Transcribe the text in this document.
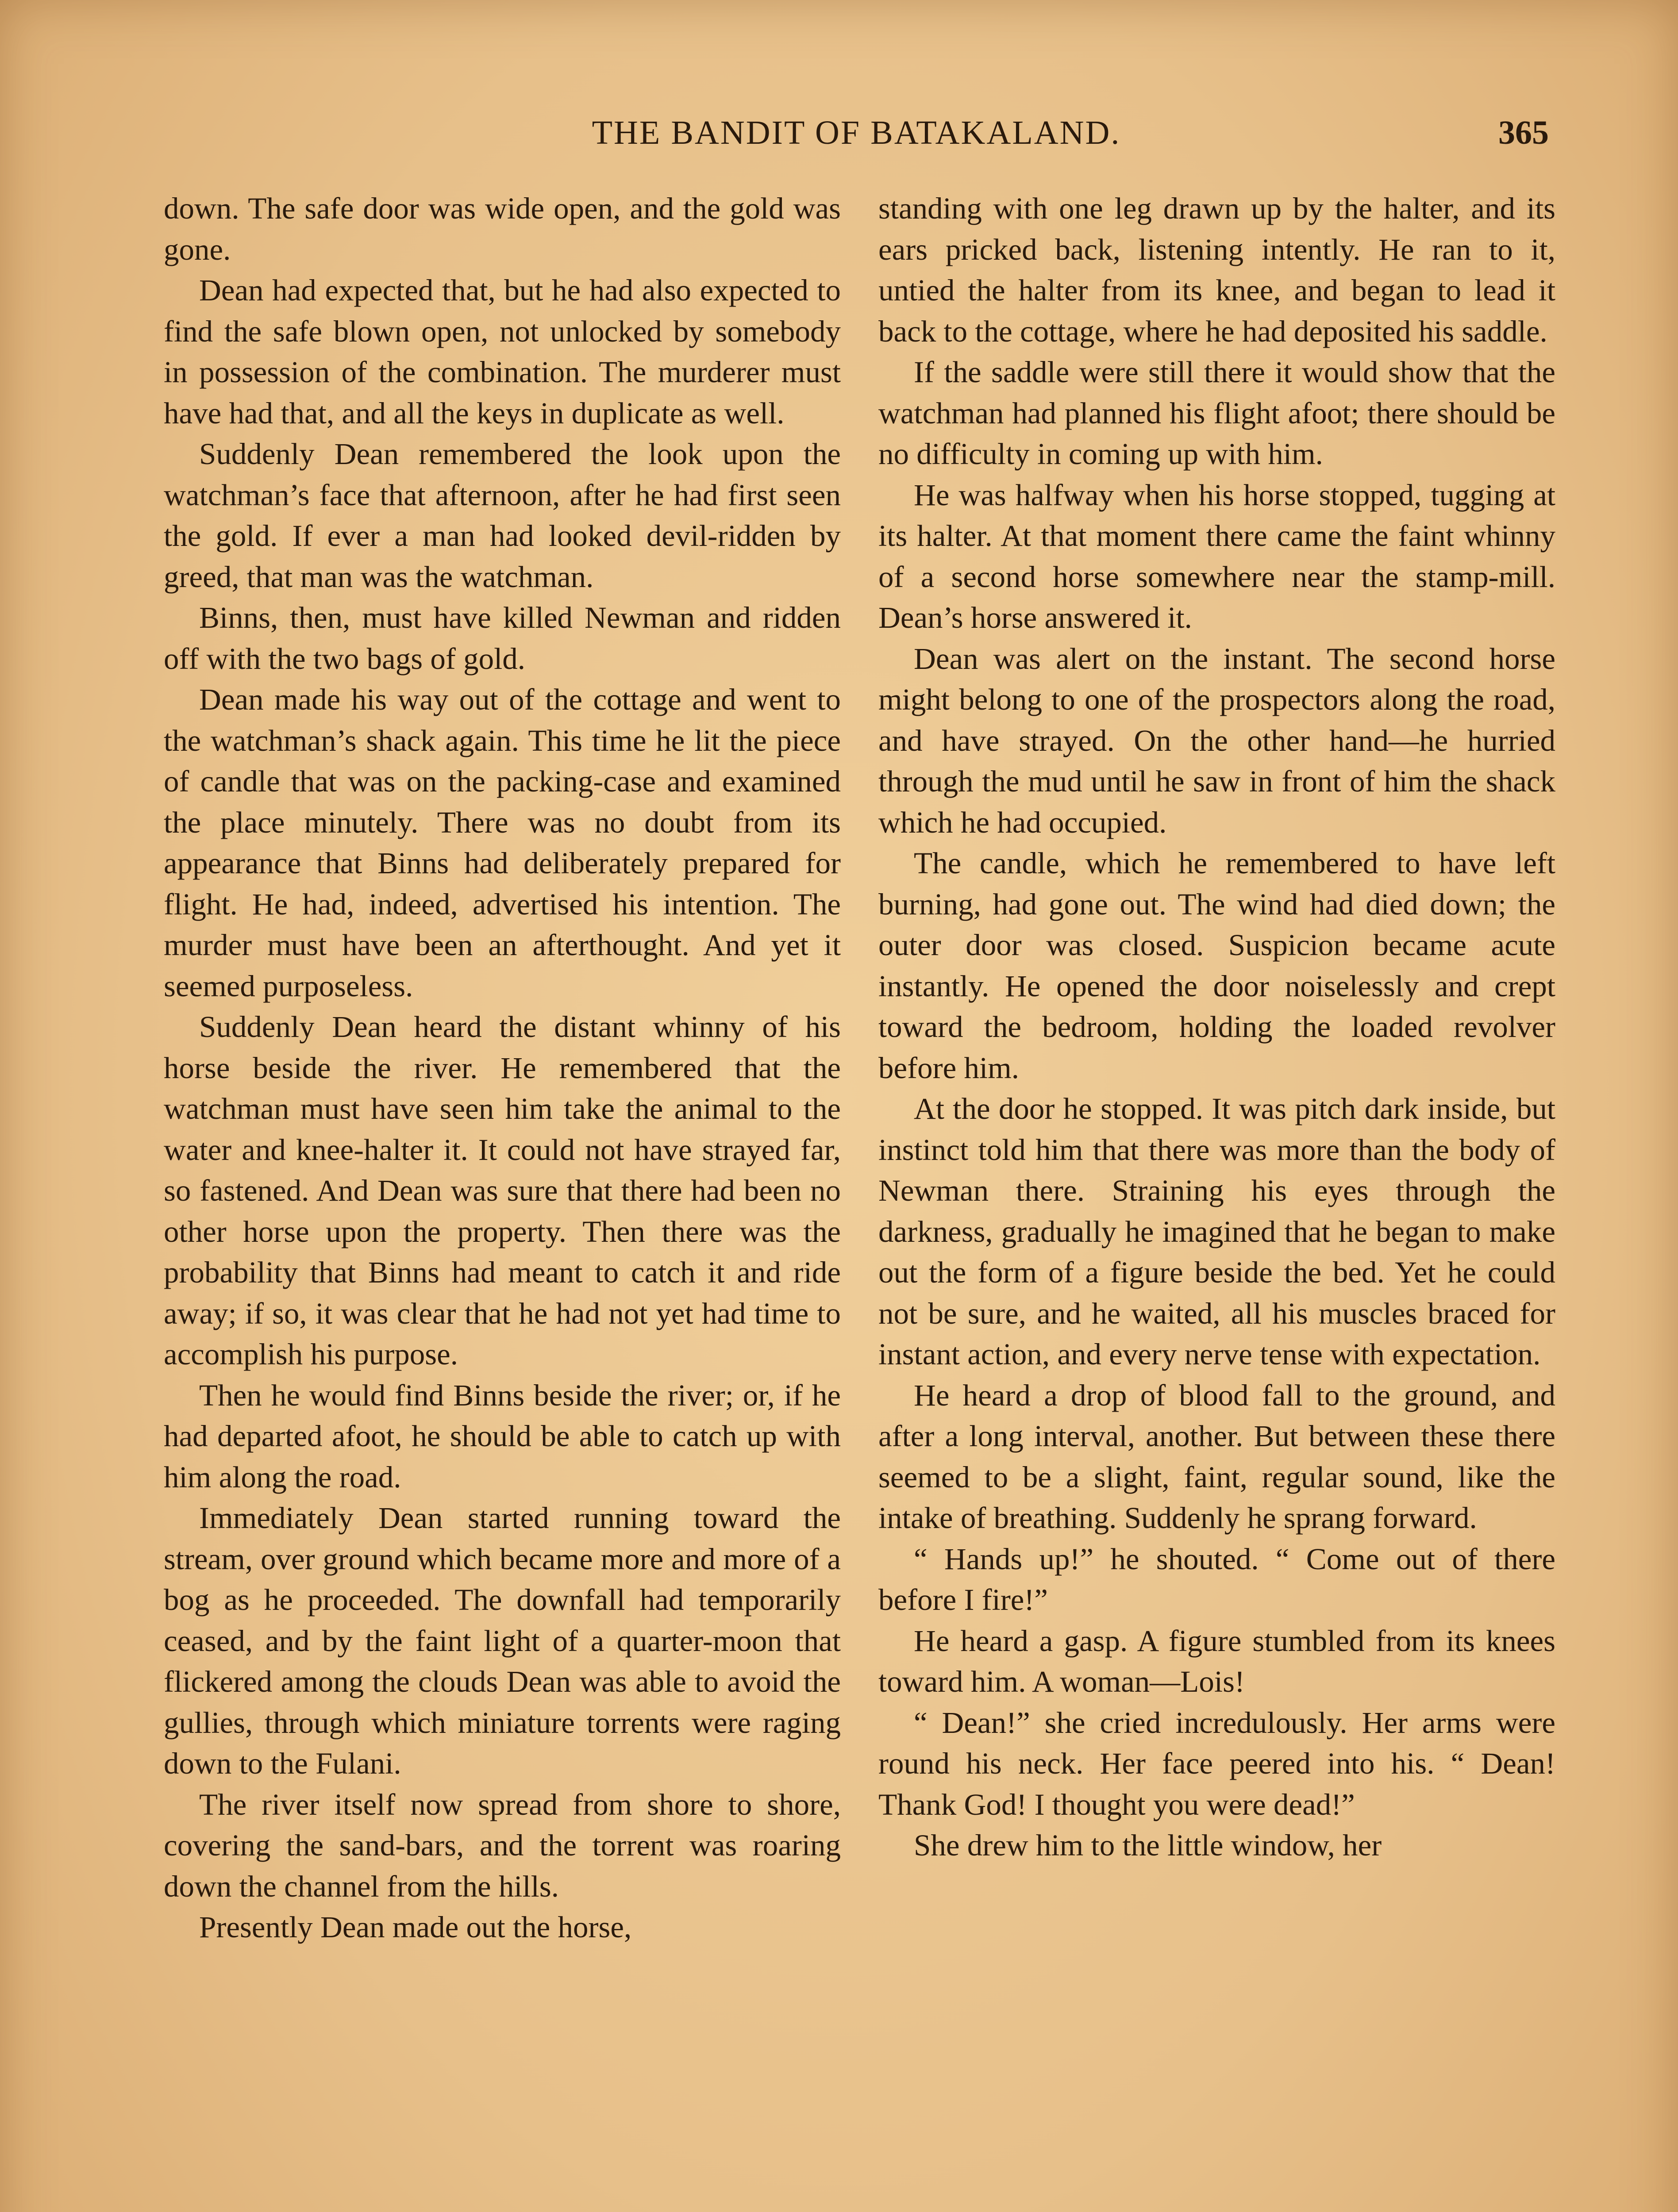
THE BANDIT OF BATAKALAND.	365

down. The safe door was wide open, and the gold was gone.

Dean had expected that, but he had also expected to find the safe blown open, not unlocked by somebody in possession of the combination. The murderer must have had that, and all the keys in duplicate as well.

Suddenly Dean remembered the look upon the watchman’s face that afternoon, after he had first seen the gold. If ever a man had looked devil-ridden by greed, that man was the watchman.

Binns, then, must have killed Newman and ridden off with the two bags of gold.

Dean made his way out of the cottage and went to the watchman’s shack again. This time he lit the piece of candle that was on the packing-case and examined the place minutely. There was no doubt from its appearance that Binns had deliberately prepared for flight. He had, indeed, advertised his intention. The murder must have been an afterthought. And yet it seemed purposeless.

Suddenly Dean heard the distant whinny of his horse beside the river. He remembered that the watchman must have seen him take the animal to the water and knee-halter it. It could not have strayed far, so fastened. And Dean was sure that there had been no other horse upon the property. Then there was the probability that Binns had meant to catch it and ride away; if so, it was clear that he had not yet had time to accomplish his purpose.

Then he would find Binns beside the river; or, if he had departed afoot, he should be able to catch up with him along the road.

Immediately Dean started running toward the stream, over ground which became more and more of a bog as he proceeded. The downfall had temporarily ceased, and by the faint light of a quarter-moon that flickered among the clouds Dean was able to avoid the gullies, through which miniature torrents were raging down to the Fulani.

The river itself now spread from shore to shore, covering the sand-bars, and the torrent was roaring down the channel from the hills.

Presently Dean made out the horse,

standing with one leg drawn up by the halter, and its ears pricked back, listening intently. He ran to it, untied the halter from its knee, and began to lead it back to the cottage, where he had deposited his saddle.

If the saddle were still there it would show that the watchman had planned his flight afoot; there should be no difficulty in coming up with him.

He was halfway when his horse stopped, tugging at its halter. At that moment there came the faint whinny of a second horse somewhere near the stamp-mill. Dean’s horse answered it.

Dean was alert on the instant. The second horse might belong to one of the prospectors along the road, and have strayed. On the other hand—he hurried through the mud until he saw in front of him the shack which he had occupied.

The candle, which he remembered to have left burning, had gone out. The wind had died down; the outer door was closed. Suspicion became acute instantly. He opened the door noiselessly and crept toward the bedroom, holding the loaded revolver before him.

At the door he stopped. It was pitch dark inside, but instinct told him that there was more than the body of Newman there. Straining his eyes through the darkness, gradually he imagined that he began to make out the form of a figure beside the bed. Yet he could not be sure, and he waited, all his muscles braced for instant action, and every nerve tense with expectation.

He heard a drop of blood fall to the ground, and after a long interval, another. But between these there seemed to be a slight, faint, regular sound, like the intake of breathing. Suddenly he sprang forward.

“ Hands up!” he shouted. “ Come out of there before I fire!”

He heard a gasp. A figure stumbled from its knees toward him. A woman—Lois!

“ Dean!” she cried incredulously. Her arms were round his neck. Her face peered into his. “ Dean! Thank God! I thought you were dead!”

She drew him to the little window, her
